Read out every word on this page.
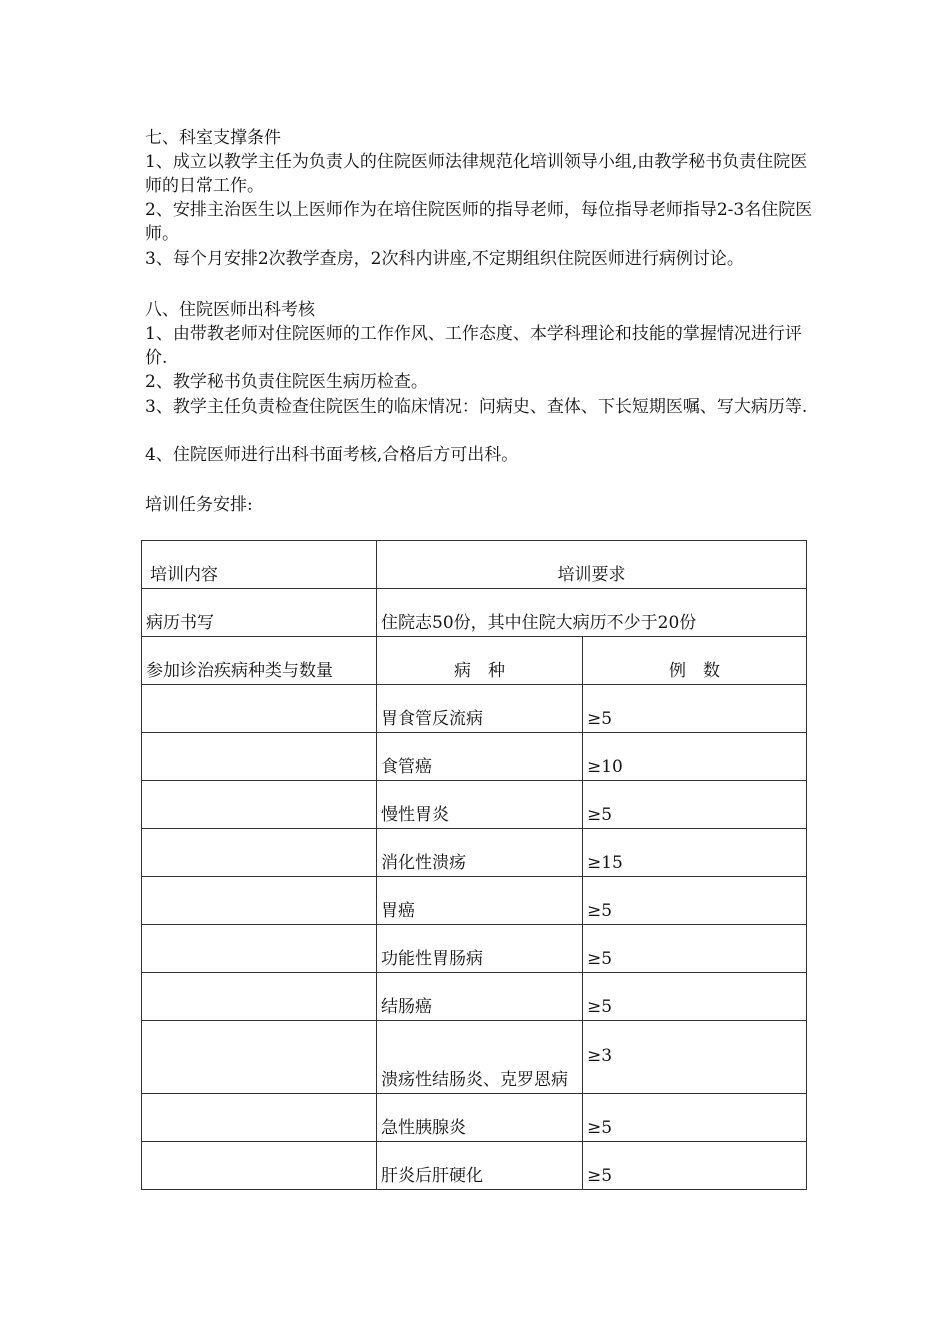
七、科室支撑条件

1、成立以教学主任为负责人的住院医师法律规范化培训领导小组,由教学秘书负责住院医师的日常工作。

2、安排主治医生以上医师作为在培住院医师的指导老师，每位指导老师指导2-3名住院医师。

3、每个月安排2次教学查房，2次科内讲座,不定期组织住院医师进行病例讨论。

八、住院医师出科考核

1、由带教老师对住院医师的工作作风、工作态度、本学科理论和技能的掌握情况进行评价.

2、教学秘书负责住院医生病历检查。

3、教学主任负责检查住院医生的临床情况：问病史、查体、下长短期医嘱、写大病历等.

4、住院医师进行出科书面考核,合格后方可出科。

培训任务安排:

培训内容	培训要求	
病历书写	住院志50份，其中住院大病历不少于20份	
参加诊治疾病种类与数量	病　种	例　数
	胃食管反流病	≥5
	食管癌	≥10
	慢性胃炎	≥5
	消化性溃疡	≥15
	胃癌	≥5
	功能性胃肠病	≥5
	结肠癌	≥5
	溃疡性结肠炎、克罗恩病	≥3
	急性胰腺炎	≥5
	肝炎后肝硬化	≥5
